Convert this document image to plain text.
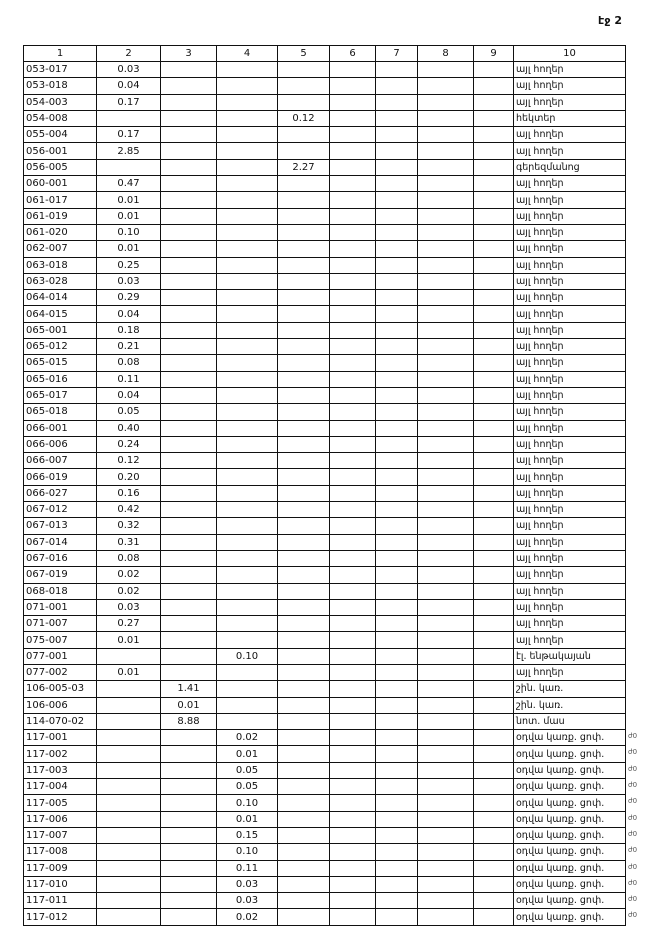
էջ 2
1	2	3	4	5	6	7	8	9	10
053-017	0.03								այլ հողեր
053-018	0.04								այլ հողեր
054-003	0.17								այլ հողեր
054-008				0.12					հեկտեր
055-004	0.17								այլ հողեր
056-001	2.85								այլ հողեր
056-005				2.27					գերեզմանոց
060-001	0.47								այլ հողեր
061-017	0.01								այլ հողեր
061-019	0.01								այլ հողեր
061-020	0.10								այլ հողեր
062-007	0.01								այլ հողեր
063-018	0.25								այլ հողեր
063-028	0.03								այլ հողեր
064-014	0.29								այլ հողեր
064-015	0.04								այլ հողեր
065-001	0.18								այլ հողեր
065-012	0.21								այլ հողեր
065-015	0.08								այլ հողեր
065-016	0.11								այլ հողեր
065-017	0.04								այլ հողեր
065-018	0.05								այլ հողեր
066-001	0.40								այլ հողեր
066-006	0.24								այլ հողեր
066-007	0.12								այլ հողեր
066-019	0.20								այլ հողեր
066-027	0.16								այլ հողեր
067-012	0.42								այլ հողեր
067-013	0.32								այլ հողեր
067-014	0.31								այլ հողեր
067-016	0.08								այլ հողեր
067-019	0.02								այլ հողեր
068-018	0.02								այլ հողեր
071-001	0.03								այլ հողեր
071-007	0.27								այլ հողեր
075-007	0.01								այլ հողեր
077-001			0.10						էլ. ենթակայան
077-002	0.01								այլ հողեր
106-005-03		1.41							շին. կառ.
106-006		0.01							շին. կառ.
114-070-02		8.88							նոտ. մաս
117-001			0.02						օդվա կառք. ցոփ.
117-002			0.01						օդվա կառք. ցոփ.
117-003			0.05						օդվա կառք. ցոփ.
117-004			0.05						օդվա կառք. ցոփ.
117-005			0.10						օդվա կառք. ցոփ.
117-006			0.01						օդվա կառք. ցոփ.
117-007			0.15						օդվա կառք. ցոփ.
117-008			0.10						օդվա կառք. ցոփ.
117-009			0.11						օդվա կառք. ցոփ.
117-010			0.03						օդվա կառք. ցոփ.
117-011			0.03						օդվա կառք. ցոփ.
117-012			0.02						օդվա կառք. ցոփ.
ժ0
ժ0
ժ0
ժ0
ժ0
ժ0
ժ0
ժ0
ժ0
ժ0
ժ0
ժ0
